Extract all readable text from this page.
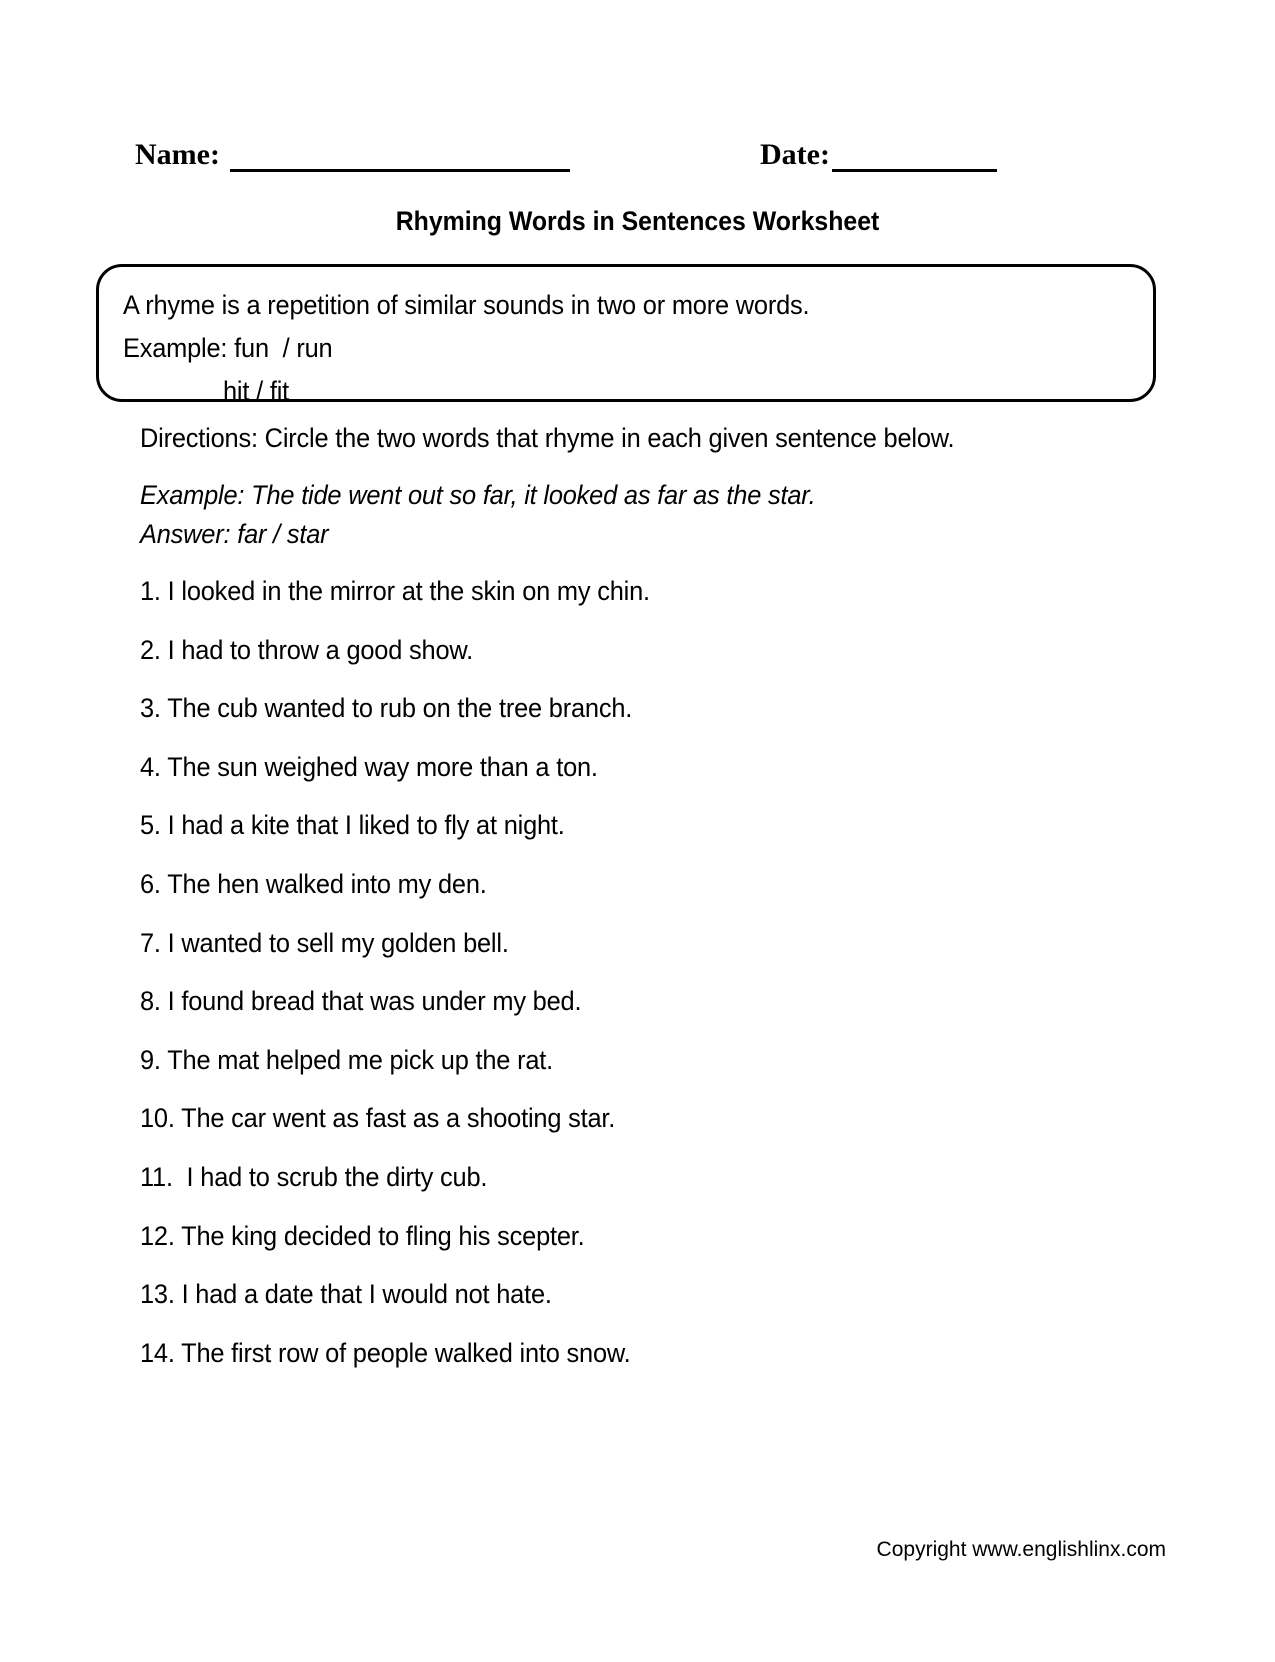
Name:	Date:
Rhyming Words in Sentences Worksheet
A rhyme is a repetition of similar sounds in two or more words.
Example: fun  / run
hit / fit
Directions: Circle the two words that rhyme in each given sentence below.
Example: The tide went out so far, it looked as far as the star.
Answer: far / star
1. I looked in the mirror at the skin on my chin.
2. I had to throw a good show.
3. The cub wanted to rub on the tree branch.
4. The sun weighed way more than a ton.
5. I had a kite that I liked to fly at night.
6. The hen walked into my den.
7. I wanted to sell my golden bell.
8. I found bread that was under my bed.
9. The mat helped me pick up the rat.
10. The car went as fast as a shooting star.
11.  I had to scrub the dirty cub.
12. The king decided to fling his scepter.
13. I had a date that I would not hate.
14. The first row of people walked into snow.
Copyright www.englishlinx.com
